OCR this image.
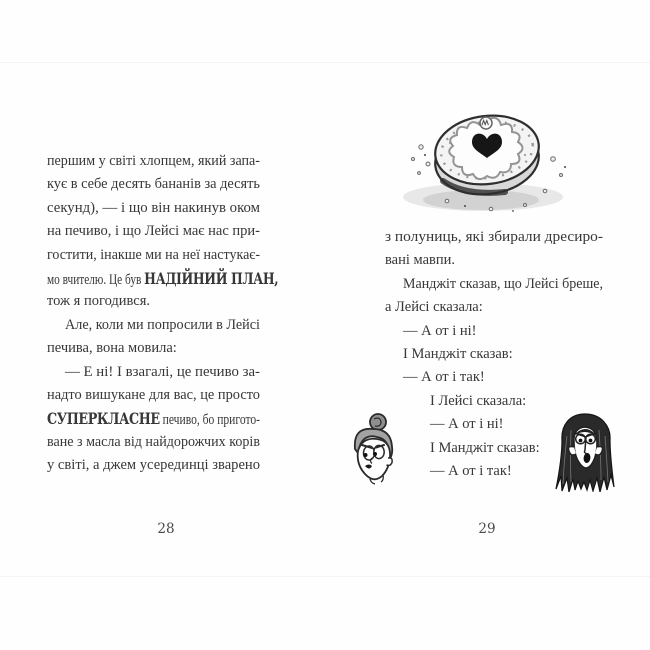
першим у світі хлопцем, який запа-
кує в себе десять бананів за десять
секунд), — і що він накинув оком
на печиво, і що Лейсі має нас при-
гостити, інакше ми на неї настукає-
мо вчителю. Це був НАДІЙНИЙ ПЛАН,
тож я погодився.
Але, коли ми попросили в Лейсі
печива, вона мовила:
— Е ні! І взагалі, це печиво за-
надто вишукане для вас, це просто
СУПЕРКЛАСНЕ печиво, бо пригото-
ване з масла від найдорожчих корів
у світі, а джем усерединці зварено
з полуниць, які збирали дресиро-
вані мавпи.
Манджіт сказав, що Лейсі бреше,
а Лейсі сказала:
— А от і ні!
І Манджіт сказав:
— А от і так!
І Лейсі сказала:
— А от і ні!
І Манджіт сказав:
— А от і так!
28	29
